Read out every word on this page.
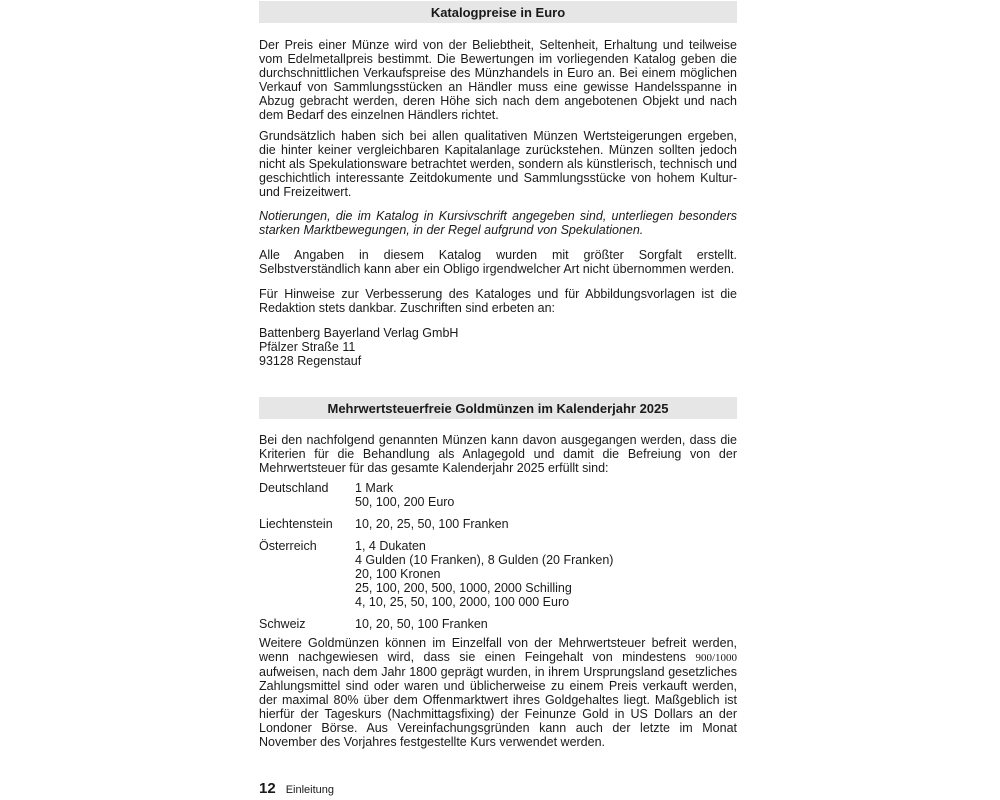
Katalogpreise in Euro

Der Preis einer Münze wird von der Beliebtheit, Seltenheit, Erhaltung und teilweise vom Edelmetallpreis bestimmt. Die Bewertungen im vorliegenden Katalog geben die durchschnittlichen Verkaufspreise des Münzhandels in Euro an. Bei einem möglichen Verkauf von Sammlungsstücken an Händler muss eine gewisse Handelsspanne in Abzug gebracht werden, deren Höhe sich nach dem angebotenen Objekt und nach dem Bedarf des einzelnen Händlers richtet.

Grundsätzlich haben sich bei allen qualitativen Münzen Wertsteigerungen ergeben, die hinter keiner vergleichbaren Kapitalanlage zurückstehen. Münzen sollten jedoch nicht als Spekulationsware betrachtet werden, sondern als künstlerisch, technisch und geschichtlich interessante Zeitdokumente und Sammlungsstücke von hohem Kultur- und Freizeitwert.

Notierungen, die im Katalog in Kursivschrift angegeben sind, unterliegen besonders starken Marktbewegungen, in der Regel aufgrund von Spekulationen.

Alle Angaben in diesem Katalog wurden mit größter Sorgfalt erstellt. Selbstverständlich kann aber ein Obligo irgendwelcher Art nicht übernommen werden.

Für Hinweise zur Verbesserung des Kataloges und für Abbildungsvorlagen ist die Redaktion stets dankbar. Zuschriften sind erbeten an:

Battenberg Bayerland Verlag GmbH
Pfälzer Straße 11
93128 Regenstauf
Mehrwertsteuerfreie Goldmünzen im Kalenderjahr 2025

Bei den nachfolgend genannten Münzen kann davon ausgegangen werden, dass die Kriterien für die Behandlung als Anlagegold und damit die Befreiung von der Mehrwertsteuer für das gesamte Kalenderjahr 2025 erfüllt sind:

Deutschland	1 Mark
50, 100, 200 Euro
Liechtenstein	10, 20, 25, 50, 100 Franken
Österreich	1, 4 Dukaten
4 Gulden (10 Franken), 8 Gulden (20 Franken)
20, 100 Kronen
25, 100, 200, 500, 1000, 2000 Schilling
4, 10, 25, 50, 100, 2000, 100 000 Euro
Schweiz	10, 20, 50, 100 Franken

Weitere Goldmünzen können im Einzelfall von der Mehrwertsteuer befreit werden, wenn nachgewiesen wird, dass sie einen Feingehalt von mindestens 900/1000 aufweisen, nach dem Jahr 1800 geprägt wurden, in ihrem Ursprungsland gesetzliches Zahlungsmittel sind oder waren und üblicherweise zu einem Preis verkauft werden, der maximal 80% über dem Offenmarktwert ihres Goldgehaltes liegt. Maßgeblich ist hierfür der Tageskurs (Nachmittagsfixing) der Feinunze Gold in US Dollars an der Londoner Börse. Aus Vereinfachungsgründen kann auch der letzte im Monat November des Vorjahres festgestellte Kurs verwendet werden.

12 Einleitung
